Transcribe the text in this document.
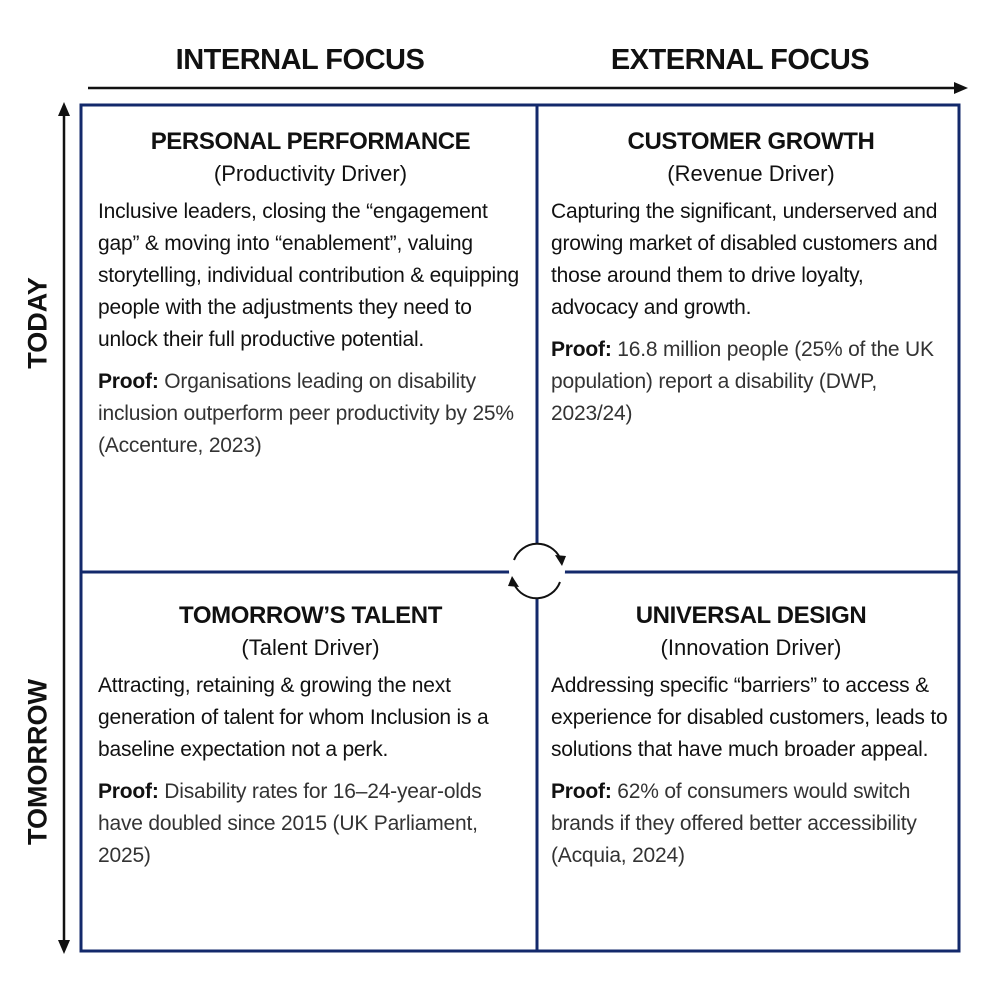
INTERNAL FOCUS	EXTERNAL FOCUS
TODAY
TOMORROW
PERSONAL PERFORMANCE
(Productivity Driver)
Inclusive leaders, closing the “engagement gap” & moving into “enablement”, valuing storytelling, individual contribution & equipping people with the adjustments they need to unlock their full productive potential.
Proof: Organisations leading on disability inclusion outperform peer productivity by 25% (Accenture, 2023)
CUSTOMER GROWTH
(Revenue Driver)
Capturing the significant, underserved and growing market of disabled customers and those around them to drive loyalty, advocacy and growth.
Proof: 16.8 million people (25% of the UK population) report a disability (DWP, 2023/24)
TOMORROW’S TALENT
(Talent Driver)
Attracting, retaining & growing the next generation of talent for whom Inclusion is a baseline expectation not a perk.
Proof: Disability rates for 16–24-year-olds have doubled since 2015 (UK Parliament, 2025)
UNIVERSAL DESIGN
(Innovation Driver)
Addressing specific “barriers” to access & experience for disabled customers, leads to solutions that have much broader appeal.
Proof: 62% of consumers would switch brands if they offered better accessibility (Acquia, 2024)
